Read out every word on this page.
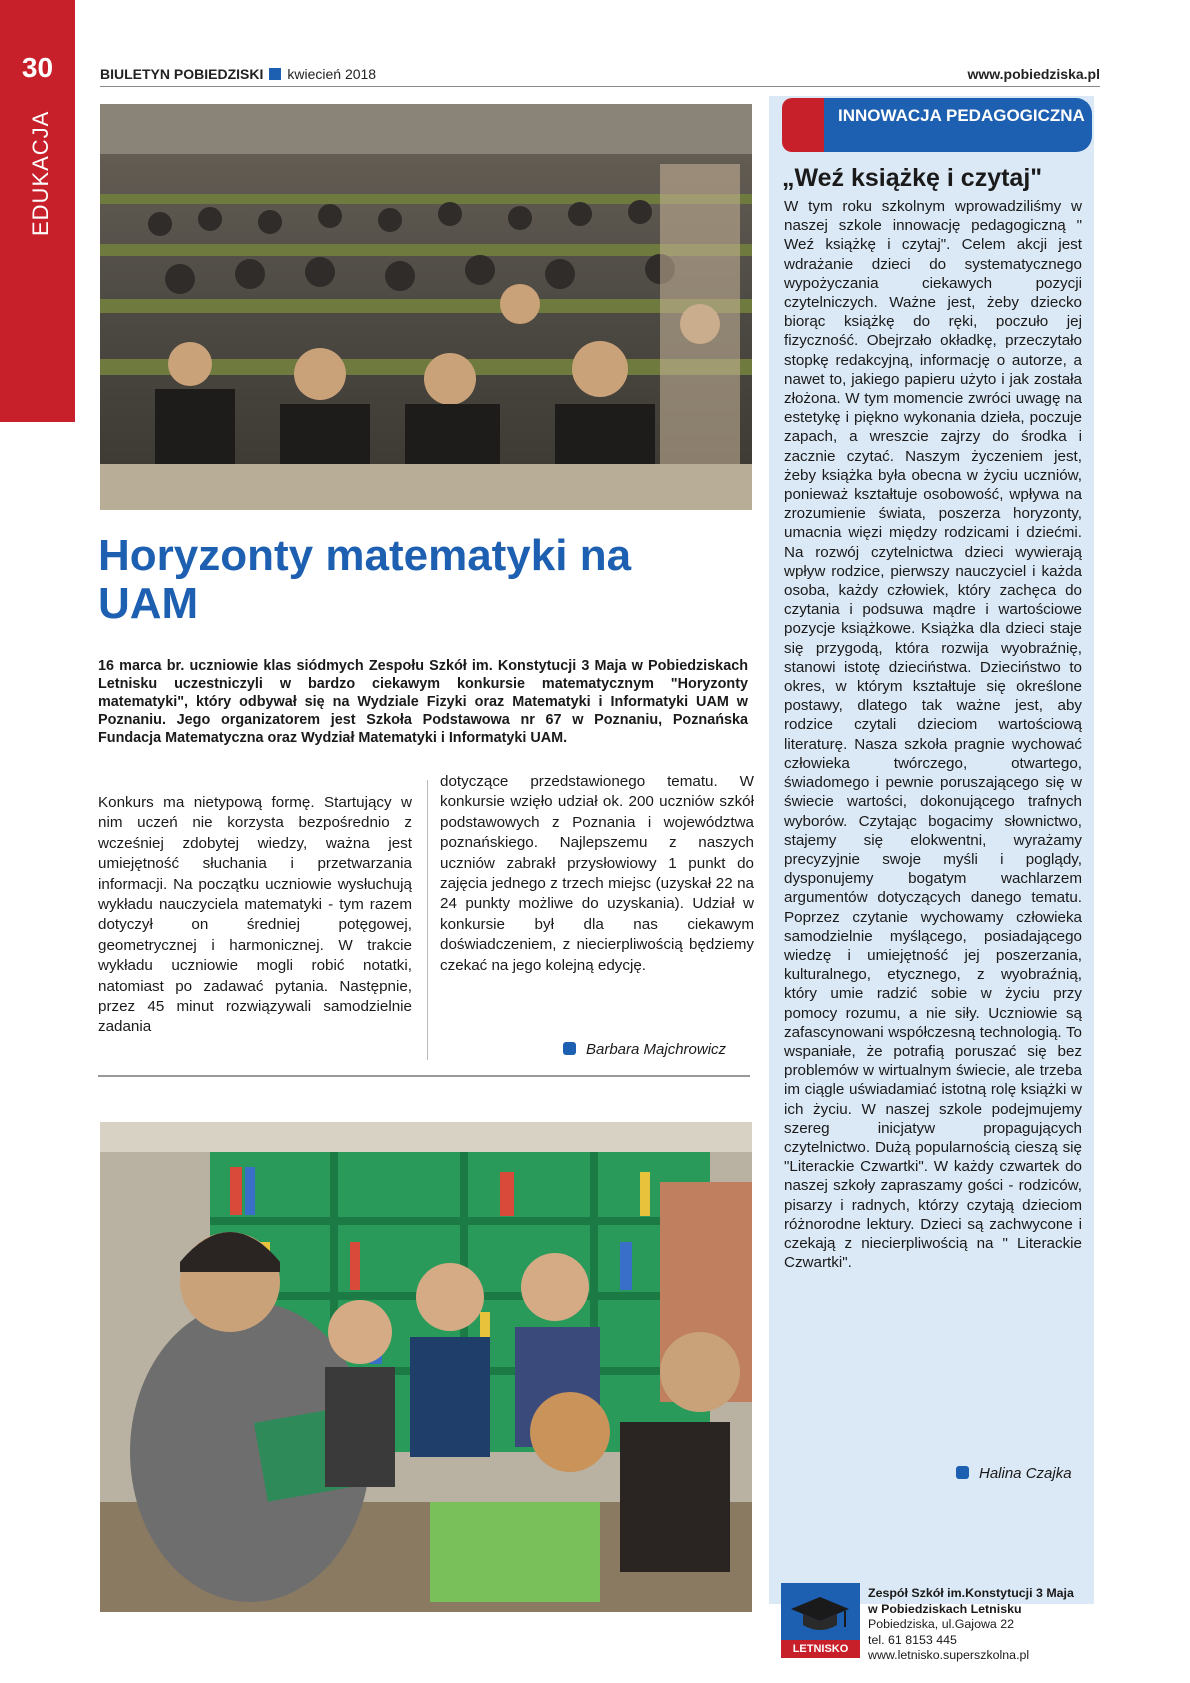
30
EDUKACJA
BIULETYN POBIEDZISKI kwiecień 2018	www.pobiedziska.pl
Horyzonty matematyki na UAM
16 marca br. uczniowie klas siódmych Zespołu Szkół im. Konstytucji 3 Maja w Pobiedziskach Letnisku uczestniczyli w bardzo ciekawym konkursie matematycznym "Horyzonty matematyki", który odbywał się na Wydziale Fizyki oraz Matematyki i Informatyki UAM w Poznaniu. Jego organizatorem jest Szkoła Podstawowa nr 67 w Poznaniu, Poznańska Fundacja Matematyczna oraz Wydział Matematyki i Informatyki UAM.
Konkurs ma nietypową formę. Startujący w nim uczeń nie korzysta bezpośrednio z wcześniej zdobytej wiedzy, ważna jest umiejętność słuchania i przetwarzania informacji. Na początku uczniowie wysłuchują wykładu nauczyciela matematyki - tym razem dotyczył on średniej potęgowej, geometrycznej i harmonicznej. W trakcie wykładu uczniowie mogli robić notatki, natomiast po zadawać pytania. Następnie, przez 45 minut rozwiązywali samodzielnie zadania
dotyczące przedstawionego tematu. W konkursie wzięło udział ok. 200 uczniów szkół podstawowych z Poznania i województwa poznańskiego. Najlepszemu z naszych uczniów zabrakł przysłowiowy 1 punkt do zajęcia jednego z trzech miejsc (uzyskał 22 na 24 punkty możliwe do uzyskania). Udział w konkursie był dla nas ciekawym doświadczeniem, z niecierpliwością będziemy czekać na jego kolejną edycję.
Barbara Majchrowicz
INNOWACJA PEDAGOGICZNA
„Weź książkę i czytaj"
W tym roku szkolnym wprowadziliśmy w naszej szkole innowację pedagogiczną " Weź książkę i czytaj". Celem akcji jest wdrażanie dzieci do systematycznego wypożyczania ciekawych pozycji czytelniczych. Ważne jest, żeby dziecko biorąc książkę do ręki, poczuło jej fizyczność. Obejrzało okładkę, przeczytało stopkę redakcyjną, informację o autorze, a nawet to, jakiego papieru użyto i jak została złożona. W tym momencie zwróci uwagę na estetykę i piękno wykonania dzieła, poczuje zapach, a wreszcie zajrzy do środka i zacznie czytać. Naszym życzeniem jest, żeby książka była obecna w życiu uczniów, ponieważ kształtuje osobowość, wpływa na zrozumienie świata, poszerza horyzonty, umacnia więzi między rodzicami i dziećmi. Na rozwój czytelnictwa dzieci wywierają wpływ rodzice, pierwszy nauczyciel i każda osoba, każdy człowiek, który zachęca do czytania i podsuwa mądre i wartościowe pozycje książkowe. Książka dla dzieci staje się przygodą, która rozwija wyobraźnię, stanowi istotę dzieciństwa. Dzieciństwo to okres, w którym kształtuje się określone postawy, dlatego tak ważne jest, aby rodzice czytali dzieciom wartościową literaturę. Nasza szkoła pragnie wychować człowieka twórczego, otwartego, świadomego i pewnie poruszającego się w świecie wartości, dokonującego trafnych wyborów. Czytając bogacimy słownictwo, stajemy się elokwentni, wyrażamy precyzyjnie swoje myśli i poglądy, dysponujemy bogatym wachlarzem argumentów dotyczących danego tematu. Poprzez czytanie wychowamy człowieka samodzielnie myślącego, posiadającego wiedzę i umiejętność jej poszerzania, kulturalnego, etycznego, z wyobraźnią, który umie radzić sobie w życiu przy pomocy rozumu, a nie siły. Uczniowie są zafascynowani współczesną technologią. To wspaniałe, że potrafią poruszać się bez problemów w wirtualnym świecie, ale trzeba im ciągle uświadamiać istotną rolę książki w ich życiu. W naszej szkole podejmujemy szereg inicjatyw propagujących czytelnictwo. Dużą popularnością cieszą się "Literackie Czwartki". W każdy czwartek do naszej szkoły zapraszamy gości - rodziców, pisarzy i radnych, którzy czytają dzieciom różnorodne lektury. Dzieci są zachwycone i czekają z niecierpliwością na " Literackie Czwartki".
Halina Czajka
LETNISKO
Zespół Szkół im.Konstytucji 3 Maja
w Pobiedziskach Letnisku
Pobiedziska, ul.Gajowa 22
tel. 61 8153 445
www.letnisko.superszkolna.pl
